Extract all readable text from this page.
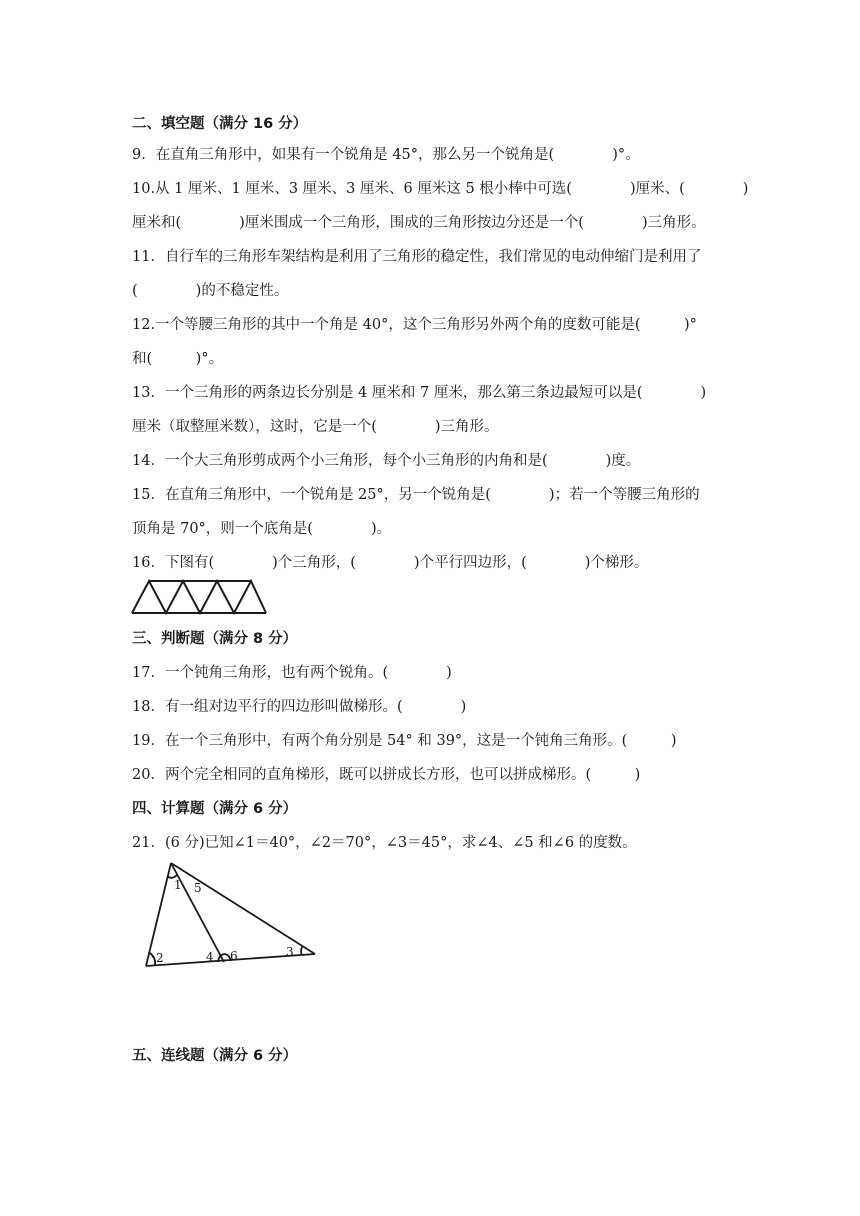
二、填空题（满分 16 分）
9．在直角三角形中，如果有一个锐角是 45°，那么另一个锐角是(　　　　)°。
10.从 1 厘米、1 厘米、3 厘米、3 厘米、6 厘米这 5 根小棒中可选(　　　　)厘米、(　　　　)
厘米和(　　　　)厘米围成一个三角形，围成的三角形按边分还是一个(　　　　)三角形。
11．自行车的三角形车架结构是利用了三角形的稳定性，我们常见的电动伸缩门是利用了
(　　　　)的不稳定性。
12.一个等腰三角形的其中一个角是 40°，这个三角形另外两个角的度数可能是(　　　)°
和(　　　)°。
13．一个三角形的两条边长分别是 4 厘米和 7 厘米，那么第三条边最短可以是(　　　　)
厘米（取整厘米数），这时，它是一个(　　　　)三角形。
14．一个大三角形剪成两个小三角形，每个小三角形的内角和是(　　　　)度。
15．在直角三角形中，一个锐角是 25°，另一个锐角是(　　　　)；若一个等腰三角形的
顶角是 70°，则一个底角是(　　　　)。
16．下图有(　　　　)个三角形，(　　　　)个平行四边形，(　　　　)个梯形。
三、判断题（满分 8 分）
17．一个钝角三角形，也有两个锐角。(　　　　)
18．有一组对边平行的四边形叫做梯形。(　　　　)
19．在一个三角形中，有两个角分别是 54° 和 39°，这是一个钝角三角形。(　　　)
20．两个完全相同的直角梯形，既可以拼成长方形，也可以拼成梯形。(　　　)
四、计算题（满分 6 分）
21．(6 分)已知∠1＝40°，∠2＝70°，∠3＝45°，求∠4、∠5 和∠6 的度数。
1 5
2	4 6	3
五、连线题（满分 6 分）
